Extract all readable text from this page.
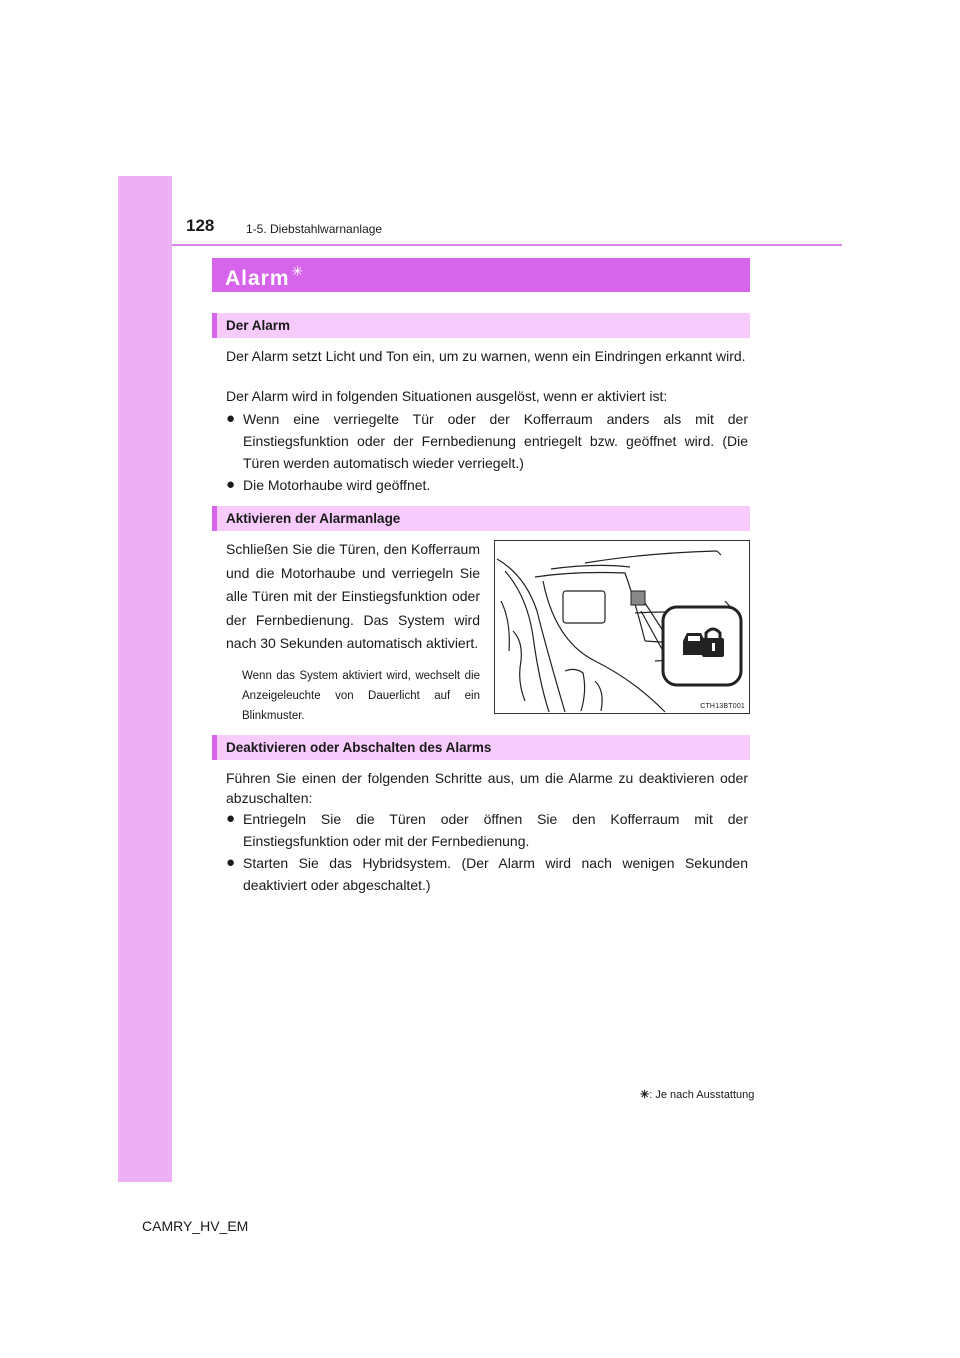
128	1-5. Diebstahlwarnanlage
Alarm ✳
Der Alarm
Der Alarm setzt Licht und Ton ein, um zu warnen, wenn ein Eindringen erkannt wird.
Der Alarm wird in folgenden Situationen ausgelöst, wenn er aktiviert ist:
● Wenn eine verriegelte Tür oder der Kofferraum anders als mit der Einstiegsfunktion oder der Fernbedienung entriegelt bzw. geöffnet wird. (Die Türen werden automatisch wieder verriegelt.)
● Die Motorhaube wird geöffnet.
Aktivieren der Alarmanlage
Schließen Sie die Türen, den Kofferraum und die Motorhaube und verriegeln Sie alle Türen mit der Einstiegsfunktion oder der Fernbedienung. Das System wird nach 30 Sekunden automatisch aktiviert.
Wenn das System aktiviert wird, wechselt die Anzeigeleuchte von Dauerlicht auf ein Blinkmuster.
CTH13BT001
Deaktivieren oder Abschalten des Alarms
Führen Sie einen der folgenden Schritte aus, um die Alarme zu deaktivieren oder abzuschalten:
● Entriegeln Sie die Türen oder öffnen Sie den Kofferraum mit der Einstiegsfunktion oder mit der Fernbedienung.
● Starten Sie das Hybridsystem. (Der Alarm wird nach wenigen Sekunden deaktiviert oder abgeschaltet.)
✳: Je nach Ausstattung
CAMRY_HV_EM
